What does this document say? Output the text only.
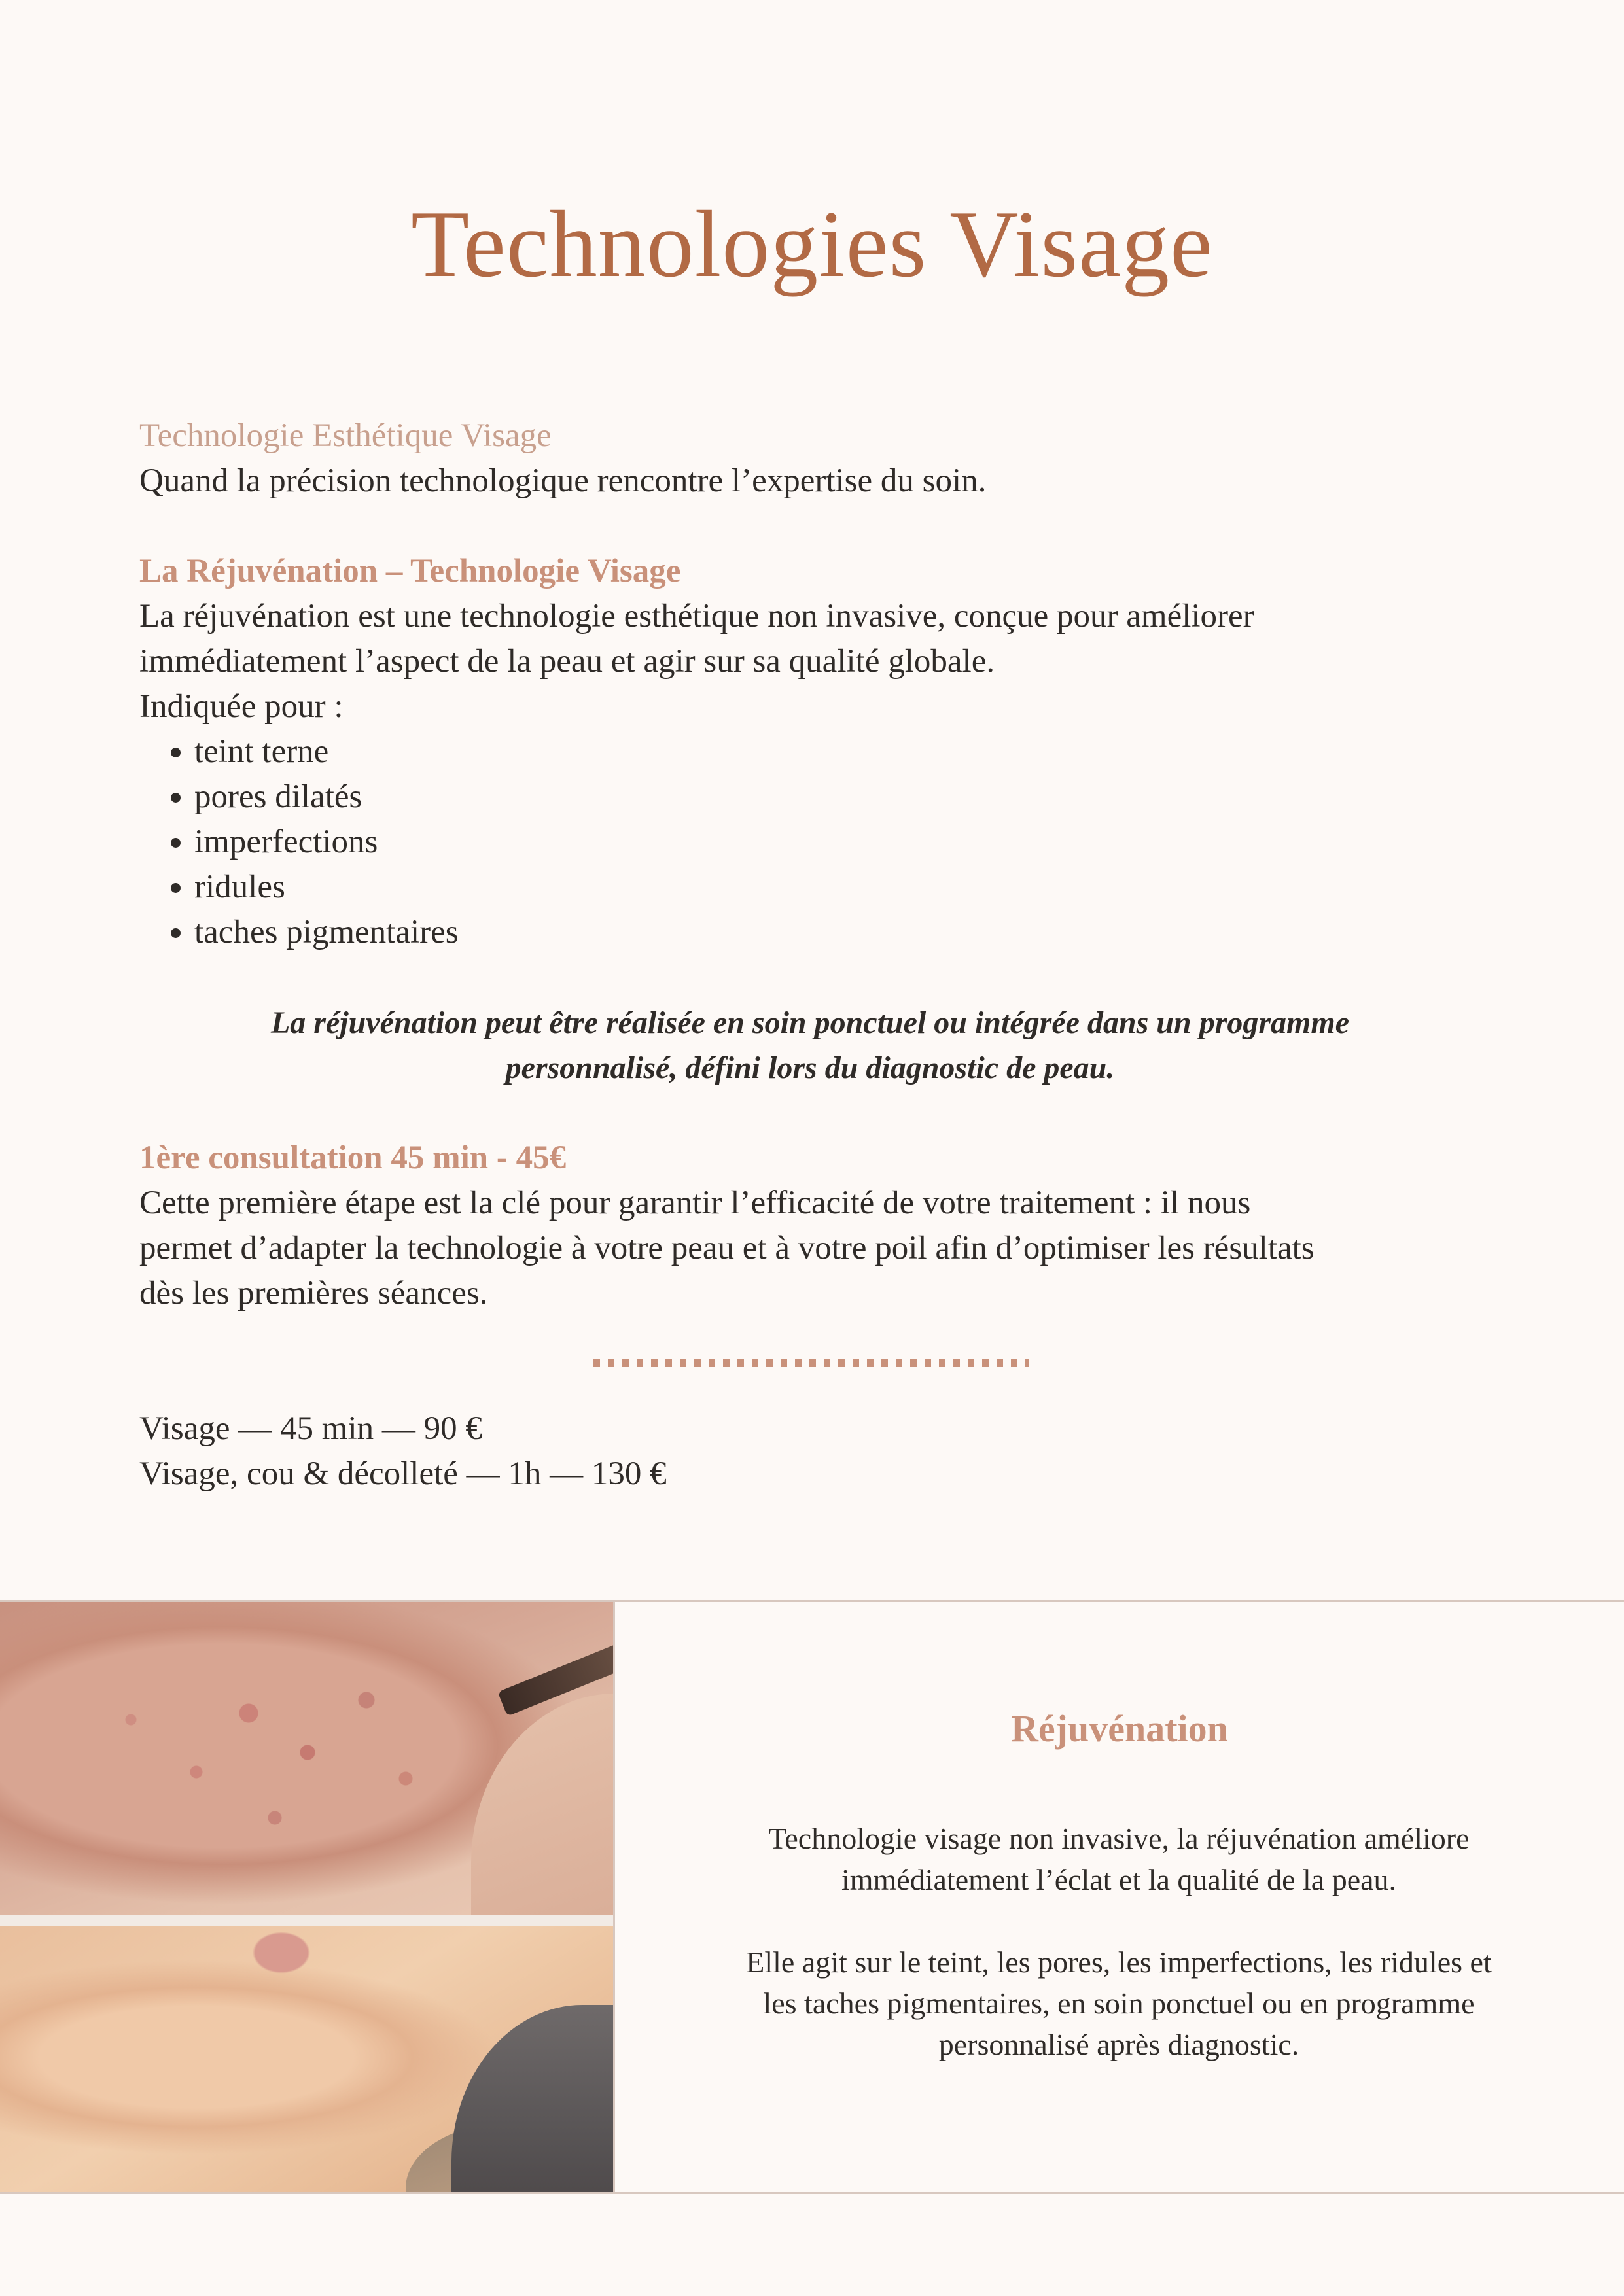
Technologies Visage

Technologie Esthétique Visage

Quand la précision technologique rencontre l’expertise du soin.

La Réjuvénation – Technologie Visage

La réjuvénation est une technologie esthétique non invasive, conçue pour améliorer

immédiatement l’aspect de la peau et agir sur sa qualité globale.

Indiquée pour :

• teint terne
• pores dilatés
• imperfections
• ridules
• taches pigmentaires

La réjuvénation peut être réalisée en soin ponctuel ou intégrée dans un programme

personnalisé, défini lors du diagnostic de peau.

1ère consultation 45 min - 45€

Cette première étape est la clé pour garantir l’efficacité de votre traitement : il nous

permet d’adapter la technologie à votre peau et à votre poil afin d’optimiser les résultats

dès les premières séances.

Visage — 45 min — 90 €

Visage, cou & décolleté — 1h — 130 €

Réjuvénation

Technologie visage non invasive, la réjuvénation améliore

immédiatement l’éclat et la qualité de la peau.

Elle agit sur le teint, les pores, les imperfections, les ridules et

les taches pigmentaires, en soin ponctuel ou en programme

personnalisé après diagnostic.
